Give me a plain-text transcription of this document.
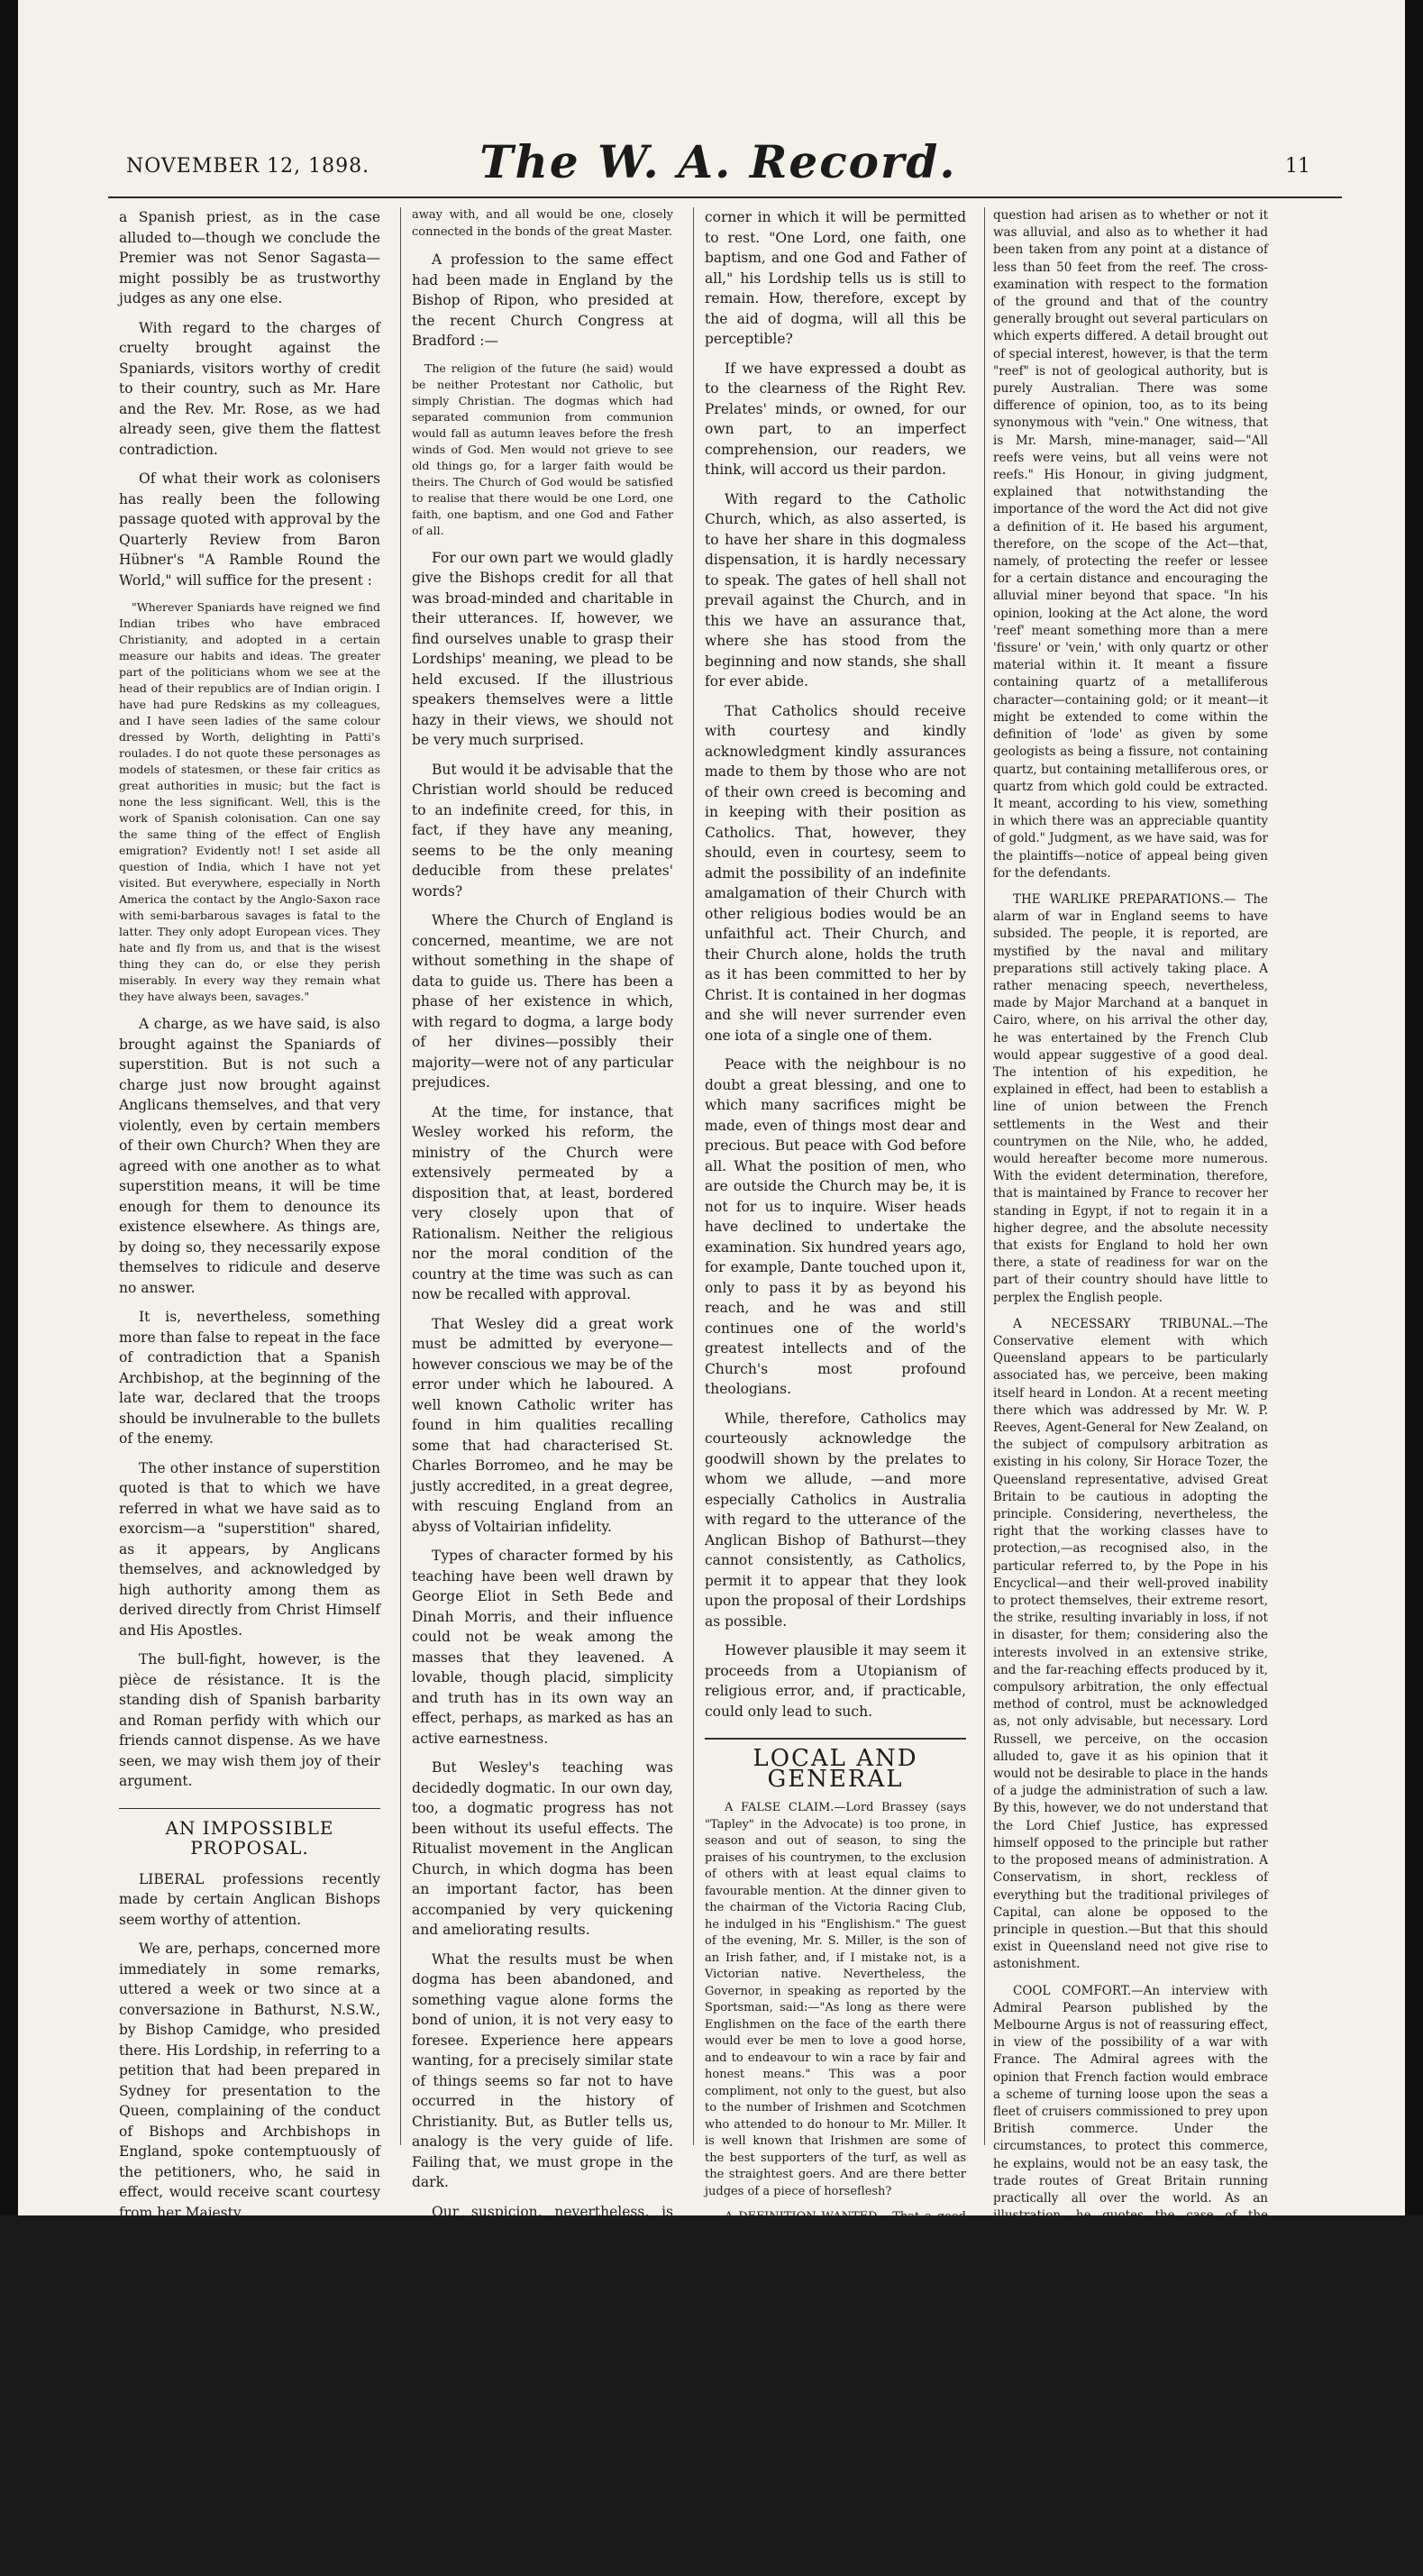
NOVEMBER 12, 1898.	The W. A. Record.	11

a Spanish priest, as in the case alluded to—though we conclude the Premier was not Senor Sagasta—might possibly be as trustworthy judges as any one else.

With regard to the charges of cruelty brought against the Spaniards, visitors worthy of credit to their country, such as Mr. Hare and the Rev. Mr. Rose, as we had already seen, give them the flattest contradiction.

Of what their work as colonisers has really been the following passage quoted with approval by the Quarterly Review from Baron Hübner's "A Ramble Round the World," will suffice for the present :

"Wherever Spaniards have reigned we find Indian tribes who have embraced Christianity, and adopted in a certain measure our habits and ideas. The greater part of the politicians whom we see at the head of their republics are of Indian origin. I have had pure Redskins as my colleagues, and I have seen ladies of the same colour dressed by Worth, delighting in Patti's roulades. I do not quote these personages as models of statesmen, or these fair critics as great authorities in music; but the fact is none the less significant. Well, this is the work of Spanish colonisation. Can one say the same thing of the effect of English emigration? Evidently not! I set aside all question of India, which I have not yet visited. But everywhere, especially in North America the contact by the Anglo-Saxon race with semi-barbarous savages is fatal to the latter. They only adopt European vices. They hate and fly from us, and that is the wisest thing they can do, or else they perish miserably. In every way they remain what they have always been, savages."

A charge, as we have said, is also brought against the Spaniards of superstition. But is not such a charge just now brought against Anglicans themselves, and that very violently, even by certain members of their own Church? When they are agreed with one another as to what superstition means, it will be time enough for them to denounce its existence elsewhere. As things are, by doing so, they necessarily expose themselves to ridicule and deserve no answer.

It is, nevertheless, something more than false to repeat in the face of contradiction that a Spanish Archbishop, at the beginning of the late war, declared that the troops should be invulnerable to the bullets of the enemy.

The other instance of superstition quoted is that to which we have referred in what we have said as to exorcism—a "superstition" shared, as it appears, by Anglicans themselves, and acknowledged by high authority among them as derived directly from Christ Himself and His Apostles.

The bull-fight, however, is the pièce de résistance. It is the standing dish of Spanish barbarity and Roman perfidy with which our friends cannot dispense. As we have seen, we may wish them joy of their argument.

AN IMPOSSIBLE PROPOSAL.

LIBERAL professions recently made by certain Anglican Bishops seem worthy of attention.

We are, perhaps, concerned more immediately in some remarks, uttered a week or two since at a conversazione in Bathurst, N.S.W., by Bishop Camidge, who presided there. His Lordship, in referring to a petition that had been prepared in Sydney for presentation to the Queen, complaining of the conduct of Bishops and Archbishops in England, spoke contemptuously of the petitioners, who, he said in effect, would receive scant courtesy from her Majesty.

Much good (he said) had been done in the present day by the great Roman Church and the great orthodox Greek Church, although they differed from the Church of England. The time would arrive when all separations would be done

away with, and all would be one, closely connected in the bonds of the great Master.

A profession to the same effect had been made in England by the Bishop of Ripon, who presided at the recent Church Congress at Bradford :—

The religion of the future (he said) would be neither Protestant nor Catholic, but simply Christian. The dogmas which had separated communion from communion would fall as autumn leaves before the fresh winds of God. Men would not grieve to see old things go, for a larger faith would be theirs. The Church of God would be satisfied to realise that there would be one Lord, one faith, one baptism, and one God and Father of all.

For our own part we would gladly give the Bishops credit for all that was broad-minded and charitable in their utterances. If, however, we find ourselves unable to grasp their Lordships' meaning, we plead to be held excused. If the illustrious speakers themselves were a little hazy in their views, we should not be very much surprised.

But would it be advisable that the Christian world should be reduced to an indefinite creed, for this, in fact, if they have any meaning, seems to be the only meaning deducible from these prelates' words?

Where the Church of England is concerned, meantime, we are not without something in the shape of data to guide us. There has been a phase of her existence in which, with regard to dogma, a large body of her divines—possibly their majority—were not of any particular prejudices.

At the time, for instance, that Wesley worked his reform, the ministry of the Church were extensively permeated by a disposition that, at least, bordered very closely upon that of Rationalism. Neither the religious nor the moral condition of the country at the time was such as can now be recalled with approval.

That Wesley did a great work must be admitted by everyone—however conscious we may be of the error under which he laboured. A well known Catholic writer has found in him qualities recalling some that had characterised St. Charles Borromeo, and he may be justly accredited, in a great degree, with rescuing England from an abyss of Voltairian infidelity.

Types of character formed by his teaching have been well drawn by George Eliot in Seth Bede and Dinah Morris, and their influence could not be weak among the masses that they leavened. A lovable, though placid, simplicity and truth has in its own way an effect, perhaps, as marked as has an active earnestness.

But Wesley's teaching was decidedly dogmatic. In our own day, too, a dogmatic progress has not been without its useful effects. The Ritualist movement in the Anglican Church, in which dogma has been an important factor, has been accompanied by very quickening and ameliorating results.

What the results must be when dogma has been abandoned, and something vague alone forms the bond of union, it is not very easy to foresee. Experience here appears wanting, for a precisely similar state of things seems so far not to have occurred in the history of Christianity. But, as Butler tells us, analogy is the very guide of life. Failing that, we must grope in the dark.

Our suspicion, nevertheless, is that even with Mr. Kensit swearing in the nave, the Anglican ecclesiastic will stand more firmly and fruitfully before his altar, when dogma is there to support him, than he will with a peaceful congregation of no distinguishing tenets dozing round about him.

But the Bishop of Ripon, if he be correctly reported, seems to contradict himself. While his Lordship speaks of the blowing away of dogmas like autumn leaves before the fresh winds of God, he is still unable to lose sight of dogma and suggests that there may left a calm

corner in which it will be permitted to rest. "One Lord, one faith, one baptism, and one God and Father of all," his Lordship tells us is still to remain. How, therefore, except by the aid of dogma, will all this be perceptible?

If we have expressed a doubt as to the clearness of the Right Rev. Prelates' minds, or owned, for our own part, to an imperfect comprehension, our readers, we think, will accord us their pardon.

With regard to the Catholic Church, which, as also asserted, is to have her share in this dogmaless dispensation, it is hardly necessary to speak. The gates of hell shall not prevail against the Church, and in this we have an assurance that, where she has stood from the beginning and now stands, she shall for ever abide.

That Catholics should receive with courtesy and kindly acknowledgment kindly assurances made to them by those who are not of their own creed is becoming and in keeping with their position as Catholics. That, however, they should, even in courtesy, seem to admit the possibility of an indefinite amalgamation of their Church with other religious bodies would be an unfaithful act. Their Church, and their Church alone, holds the truth as it has been committed to her by Christ. It is contained in her dogmas and she will never surrender even one iota of a single one of them.

Peace with the neighbour is no doubt a great blessing, and one to which many sacrifices might be made, even of things most dear and precious. But peace with God before all. What the position of men, who are outside the Church may be, it is not for us to inquire. Wiser heads have declined to undertake the examination. Six hundred years ago, for example, Dante touched upon it, only to pass it by as beyond his reach, and he was and still continues one of the world's greatest intellects and of the Church's most profound theologians.

While, therefore, Catholics may courteously acknowledge the goodwill shown by the prelates to whom we allude, —and more especially Catholics in Australia with regard to the utterance of the Anglican Bishop of Bathurst—they cannot consistently, as Catholics, permit it to appear that they look upon the proposal of their Lordships as possible.

However plausible it may seem it proceeds from a Utopianism of religious error, and, if practicable, could only lead to such.

LOCAL AND GENERAL

A FALSE CLAIM.—Lord Brassey (says "Tapley" in the Advocate) is too prone, in season and out of season, to sing the praises of his countrymen, to the exclusion of others with at least equal claims to favourable mention. At the dinner given to the chairman of the Victoria Racing Club, he indulged in his "Englishism." The guest of the evening, Mr. S. Miller, is the son of an Irish father, and, if I mistake not, is a Victorian native. Nevertheless, the Governor, in speaking as reported by the Sportsman, said:—"As long as there were Englishmen on the face of the earth there would ever be men to love a good horse, and to endeavour to win a race by fair and honest means." This was a poor compliment, not only to the guest, but also to the number of Irishmen and Scotchmen who attended to do honour to Mr. Miller. It is well known that Irishmen are some of the best supporters of the turf, as well as the straightest goers. And are there better judges of a piece of horseflesh?

A DEFINITION WANTED.—That a good deal of disagreement as to technicalities exists among mining experts may be seen from the evidence in the Ivanhoe Venture case, in which judgment for the plaintiffs has just been given by Judge Hensman. The case was one in which the plaintiffs—Messrs. Burke, Burns and Millar—sued the company for damages for trespass to their alluvial claim; an injunction to restrain further trespass; an account of the alluvial gold removed by the company, and the delivery of such gold or payment for it. The evidence showed that the plaintiffs had pegged out a claim, observing the prescribed limits, and had sunk a shaft, at a distance from the company's reef of about 60 feet, to a depth of 107 feet. Gold had been taken out by both parties, and the

question had arisen as to whether or not it was alluvial, and also as to whether it had been taken from any point at a distance of less than 50 feet from the reef. The cross-examination with respect to the formation of the ground and that of the country generally brought out several particulars on which experts differed. A detail brought out of special interest, however, is that the term "reef" is not of geological authority, but is purely Australian. There was some difference of opinion, too, as to its being synonymous with "vein." One witness, that is Mr. Marsh, mine-manager, said—"All reefs were veins, but all veins were not reefs." His Honour, in giving judgment, explained that notwithstanding the importance of the word the Act did not give a definition of it. He based his argument, therefore, on the scope of the Act—that, namely, of protecting the reefer or lessee for a certain distance and encouraging the alluvial miner beyond that space. "In his opinion, looking at the Act alone, the word 'reef' meant something more than a mere 'fissure' or 'vein,' with only quartz or other material within it. It meant a fissure containing quartz of a metalliferous character—containing gold; or it meant—it might be extended to come within the definition of 'lode' as given by some geologists as being a fissure, not containing quartz, but containing metalliferous ores, or quartz from which gold could be extracted. It meant, according to his view, something in which there was an appreciable quantity of gold." Judgment, as we have said, was for the plaintiffs—notice of appeal being given for the defendants.

THE WARLIKE PREPARATIONS.— The alarm of war in England seems to have subsided. The people, it is reported, are mystified by the naval and military preparations still actively taking place. A rather menacing speech, nevertheless, made by Major Marchand at a banquet in Cairo, where, on his arrival the other day, he was entertained by the French Club would appear suggestive of a good deal. The intention of his expedition, he explained in effect, had been to establish a line of union between the French settlements in the West and their countrymen on the Nile, who, he added, would hereafter become more numerous. With the evident determination, therefore, that is maintained by France to recover her standing in Egypt, if not to regain it in a higher degree, and the absolute necessity that exists for England to hold her own there, a state of readiness for war on the part of their country should have little to perplex the English people.

A NECESSARY TRIBUNAL.—The Conservative element with which Queensland appears to be particularly associated has, we perceive, been making itself heard in London. At a recent meeting there which was addressed by Mr. W. P. Reeves, Agent-General for New Zealand, on the subject of compulsory arbitration as existing in his colony, Sir Horace Tozer, the Queensland representative, advised Great Britain to be cautious in adopting the principle. Considering, nevertheless, the right that the working classes have to protection,—as recognised also, in the particular referred to, by the Pope in his Encyclical—and their well-proved inability to protect themselves, their extreme resort, the strike, resulting invariably in loss, if not in disaster, for them; considering also the interests involved in an extensive strike, and the far-reaching effects produced by it, compulsory arbitration, the only effectual method of control, must be acknowledged as, not only advisable, but necessary. Lord Russell, we perceive, on the occasion alluded to, gave it as his opinion that it would not be desirable to place in the hands of a judge the administration of such a law. By this, however, we do not understand that the Lord Chief Justice, has expressed himself opposed to the principle but rather to the proposed means of administration. A Conservatism, in short, reckless of everything but the traditional privileges of Capital, can alone be opposed to the principle in question.—But that this should exist in Queensland need not give rise to astonishment.

COOL COMFORT.—An interview with Admiral Pearson published by the Melbourne Argus is not of reassuring effect, in view of the possibility of a war with France. The Admiral agrees with the opinion that French faction would embrace a scheme of turning loose upon the seas a fleet of cruisers commissioned to prey upon British commerce. Under the circumstances, to protect this commerce, he explains, would not be an easy task, the trade routes of Great Britain running practically all over the world. As an illustration, he quotes the case of the Alabama, which, for nearly two years, continued to play havoc with the trade of the Federal States—before they found it possible to destroy her. The Admiral further expresses an opinion that there would also be very heavy fleet-actions. He describes the French navy as by no means to be lightly estimated. It is, he says, a very good one. In conclusion, Admiral Pearson declares that the British navy is in a highly satisfactory state, and ready for any strain that may be imposed upon it. Some years ago there were grounds for the charge that the navy had been allowed to fall dangerously below the absolute needs of the situation, but all that has been remedied.
